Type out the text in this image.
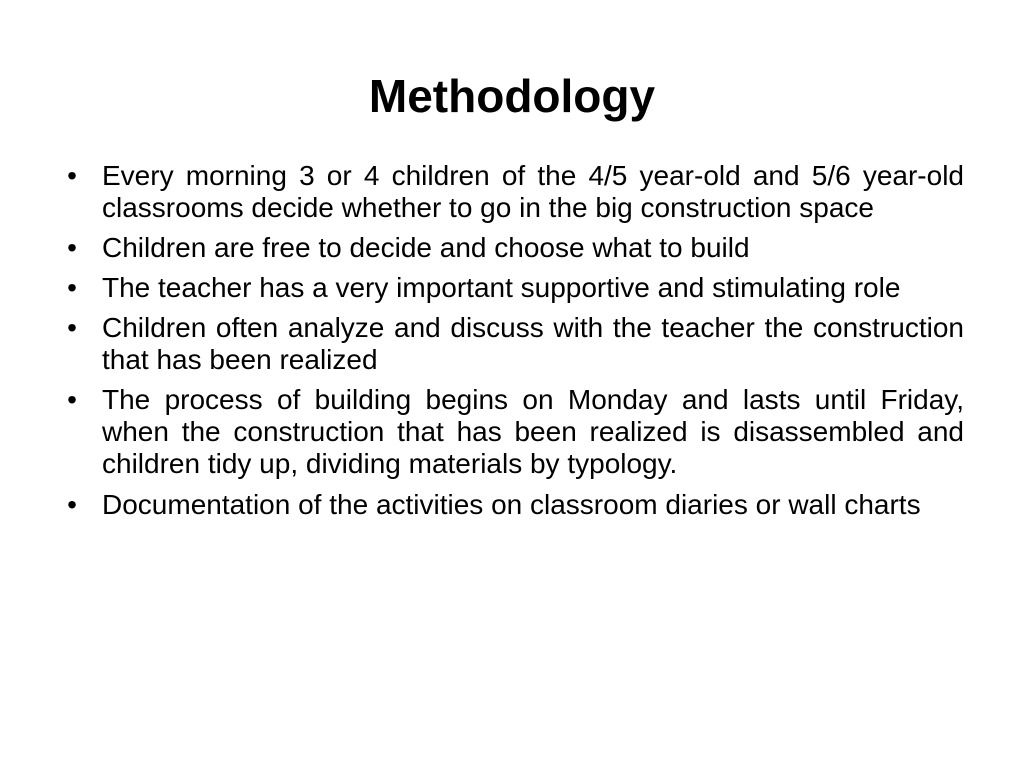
Methodology
• Every morning 3 or 4 children of the 4/5 year-old and 5/6 year-old classrooms decide whether to go in the big construction space
• Children are free to decide and choose what to build
• The teacher has a very important supportive and stimulating role
• Children often analyze and discuss with the teacher the construction that has been realized
• The process of building begins on Monday and lasts until Friday, when the construction that has been realized is disassembled and children tidy up, dividing materials by typology.
• Documentation of the activities on classroom diaries or wall charts
